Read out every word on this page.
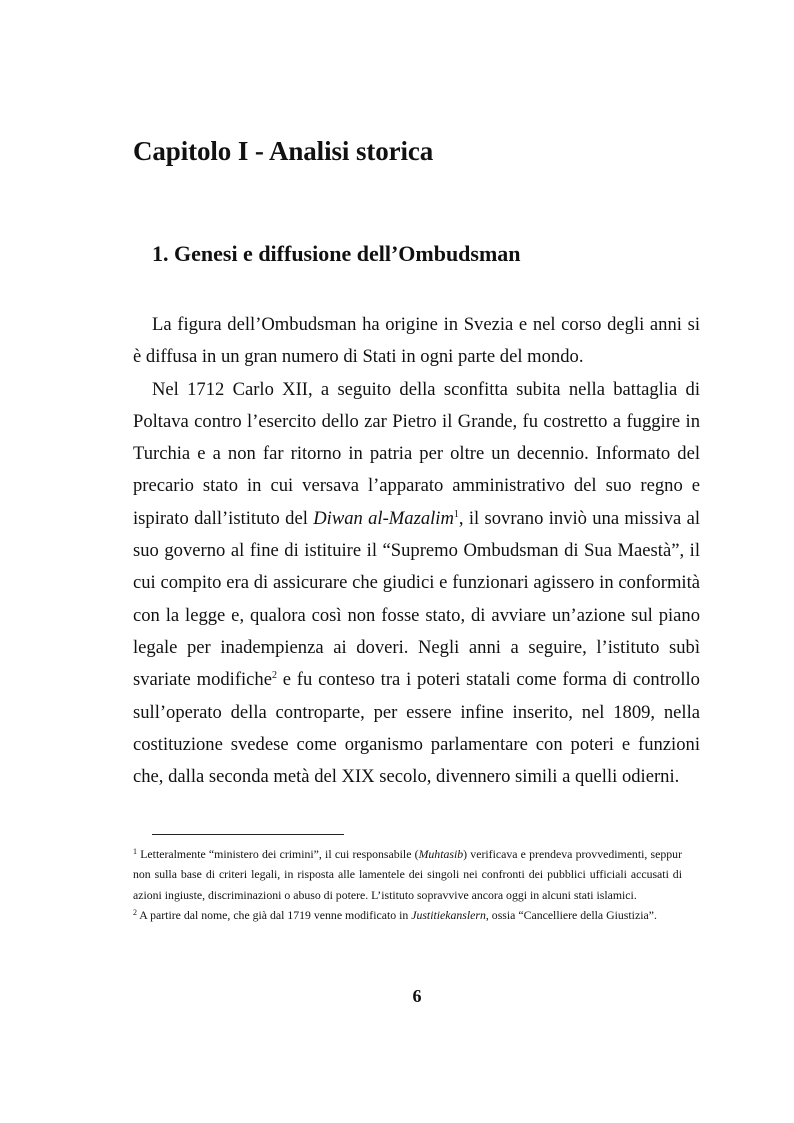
Capitolo I - Analisi storica
1. Genesi e diffusione dell’Ombudsman

La figura dell’Ombudsman ha origine in Svezia e nel corso degli anni si è diffusa in un gran numero di Stati in ogni parte del mondo.

Nel 1712 Carlo XII, a seguito della sconfitta subita nella battaglia di Poltava contro l’esercito dello zar Pietro il Grande, fu costretto a fuggire in Turchia e a non far ritorno in patria per oltre un decennio. Informato del precario stato in cui versava l’apparato amministrativo del suo regno e ispirato dall’istituto del Diwan al-Mazalim$^1$, il sovrano inviò una missiva al suo governo al fine di istituire il “Supremo Ombudsman di Sua Maestà”, il cui compito era di assicurare che giudici e funzionari agissero in conformità con la legge e, qualora così non fosse stato, di avviare un’azione sul piano legale per inadempienza ai doveri. Negli anni a seguire, l’istituto subì svariate modifiche$^2$ e fu conteso tra i poteri statali come forma di controllo sull’operato della controparte, per essere infine inserito, nel 1809, nella costituzione svedese come organismo parlamentare con poteri e funzioni che, dalla seconda metà del XIX secolo, divennero simili a quelli odierni.

$^1$ Letteralmente “ministero dei crimini”, il cui responsabile (Muhtasib) verificava e prendeva provvedimenti, seppur non sulla base di criteri legali, in risposta alle lamentele dei singoli nei confronti dei pubblici ufficiali accusati di azioni ingiuste, discriminazioni o abuso di potere. L’istituto sopravvive ancora oggi in alcuni stati islamici.

$^2$ A partire dal nome, che già dal 1719 venne modificato in Justitiekanslern, ossia “Cancelliere della Giustizia”.

6
